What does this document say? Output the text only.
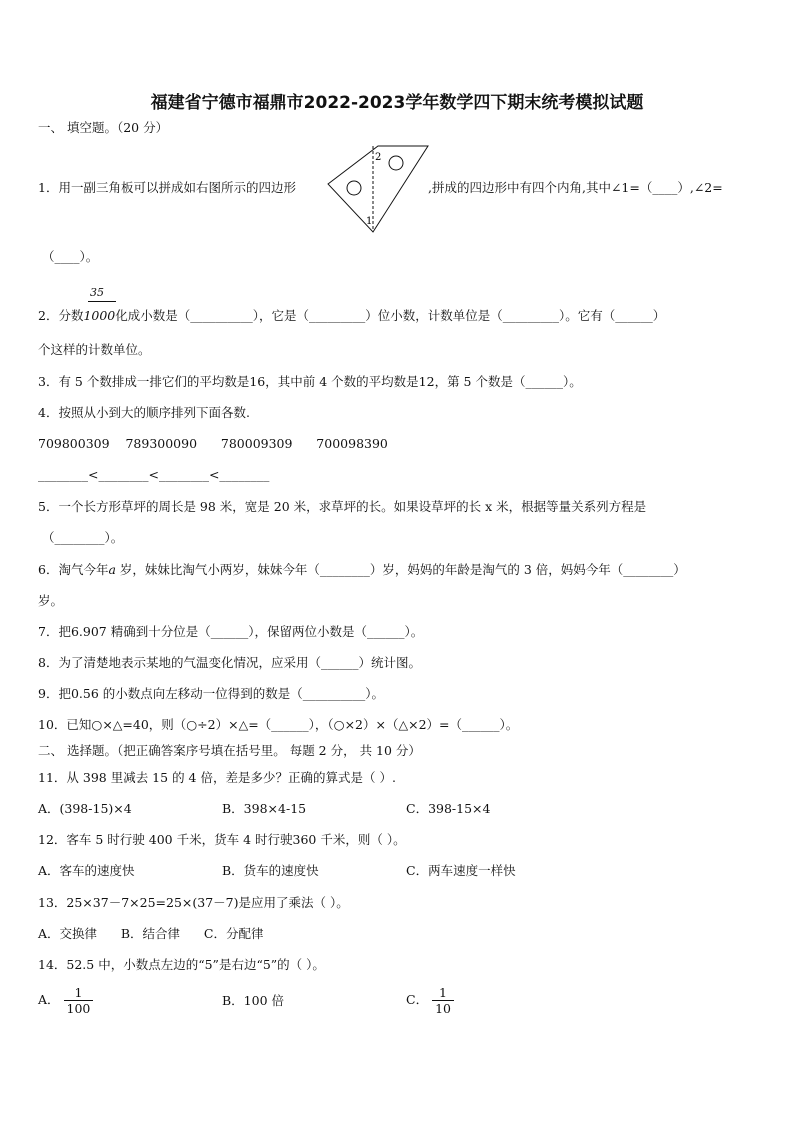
福建省宁德市福鼎市2022-2023学年数学四下期末统考模拟试题
一、 填空题。（20 分）
1．用一副三角板可以拼成如右图所示的四边形
2
1
,拼成的四边形中有四个内角,其中∠1=（____）,∠2=
（____）。
35
2．分数1000化成小数是（__________），它是（_________）位小数，计数单位是（_________）。它有（______）
个这样的计数单位。
3．有 5 个数排成一排它们的平均数是16，其中前 4 个数的平均数是12，第 5 个数是（______）。
4．按照从小到大的顺序排列下面各数.
709800309    789300090      780009309      700098390
________<________<________<________
5．一个长方形草坪的周长是 98 米，宽是 20 米，求草坪的长。如果设草坪的长 x 米，根据等量关系列方程是
（________）。
6．淘气今年a 岁，妹妹比淘气小两岁，妹妹今年（________）岁，妈妈的年龄是淘气的 3 倍，妈妈今年（________）
岁。
7．把6.907 精确到十分位是（______），保留两位小数是（______）。
8．为了清楚地表示某地的气温变化情况，应采用（______）统计图。
9．把0.56 的小数点向左移动一位得到的数是（__________）。
10．已知○×△=40，则（○÷2）×△=（______），（○×2）×（△×2）=（______）。
二、 选择题。（把正确答案序号填在括号里。 每题 2 分， 共 10 分）
11．从 398 里减去 15 的 4 倍，差是多少？正确的算式是（ ）.
A．(398-15)×4	B．398×4-15	C．398-15×4
12．客车 5 时行驶 400 千米，货车 4 时行驶360 千米，则（ ）。
A．客车的速度快	B．货车的速度快	C．两车速度一样快
13．25×37－7×25=25×(37－7)是应用了乘法（ ）。
A．交换律      B．结合律      C．分配律
14．52.5 中，小数点左边的“5”是右边“5”的（ ）。
A． $\frac{1}{100}$	B．100 倍	C． $\frac{1}{10}$
